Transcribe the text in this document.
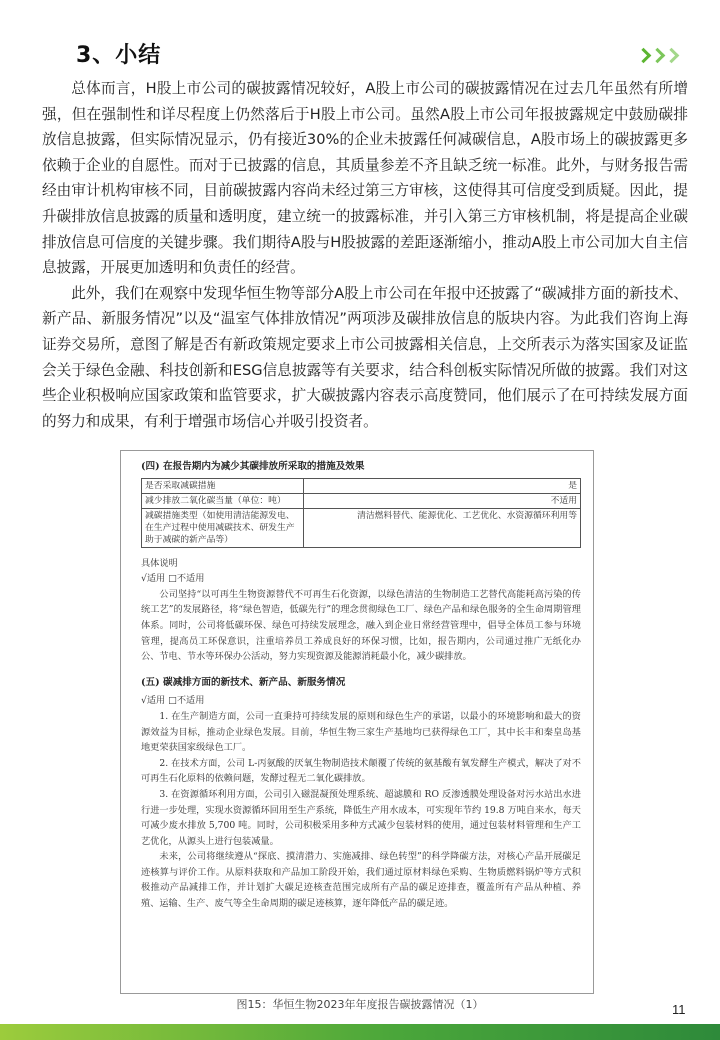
3、小结

总体而言，H股上市公司的碳披露情况较好，A股上市公司的碳披露情况在过去几年虽然有所增强，但在强制性和详尽程度上仍然落后于H股上市公司。虽然A股上市公司年报披露规定中鼓励碳排放信息披露，但实际情况显示，仍有接近30%的企业未披露任何减碳信息，A股市场上的碳披露更多依赖于企业的自愿性。而对于已披露的信息，其质量参差不齐且缺乏统一标准。此外，与财务报告需经由审计机构审核不同，目前碳披露内容尚未经过第三方审核，这使得其可信度受到质疑。因此，提升碳排放信息披露的质量和透明度，建立统一的披露标准，并引入第三方审核机制，将是提高企业碳排放信息可信度的关键步骤。我们期待A股与H股披露的差距逐渐缩小，推动A股上市公司加大自主信息披露，开展更加透明和负责任的经营。

此外，我们在观察中发现华恒生物等部分A股上市公司在年报中还披露了“碳减排方面的新技术、新产品、新服务情况”以及“温室气体排放情况”两项涉及碳排放信息的版块内容。为此我们咨询上海证券交易所，意图了解是否有新政策规定要求上市公司披露相关信息，上交所表示为落实国家及证监会关于绿色金融、科技创新和ESG信息披露等有关要求，结合科创板实际情况所做的披露。我们对这些企业积极响应国家政策和监管要求，扩大碳披露内容表示高度赞同，他们展示了在可持续发展方面的努力和成果，有利于增强市场信心并吸引投资者。

(四) 在报告期内为减少其碳排放所采取的措施及效果
是否采取减碳措施	是
减少排放二氧化碳当量（单位：吨）	不适用
减碳措施类型（如使用清洁能源发电、在生产过程中使用减碳技术、研发生产助于减碳的新产品等）	清洁燃料替代、能源优化、工艺优化、水资源循环利用等

具体说明

√适用 □不适用

公司坚持“以可再生生物资源替代不可再生石化资源，以绿色清洁的生物制造工艺替代高能耗高污染的传统工艺”的发展路径，将“绿色智造，低碳先行”的理念贯彻绿色工厂、绿色产品和绿色服务的全生命周期管理体系。同时，公司将低碳环保、绿色可持续发展理念，融入到企业日常经营管理中，倡导全体员工参与环境管理，提高员工环保意识，注重培养员工养成良好的环保习惯，比如，报告期内，公司通过推广无纸化办公、节电、节水等环保办公活动，努力实现资源及能源消耗最小化，减少碳排放。

(五) 碳减排方面的新技术、新产品、新服务情况

√适用 □不适用

1. 在生产制造方面，公司一直秉持可持续发展的原则和绿色生产的承诺，以最小的环境影响和最大的资源效益为目标，推动企业绿色发展。目前，华恒生物三家生产基地均已获得绿色工厂，其中长丰和秦皇岛基地更荣获国家级绿色工厂。

2. 在技术方面，公司 L-丙氨酸的厌氧生物制造技术颠覆了传统的氨基酸有氧发酵生产模式，解决了对不可再生石化原料的依赖问题，发酵过程无二氧化碳排放。

3. 在资源循环利用方面，公司引入磁混凝预处理系统、超滤膜和 RO 反渗透膜处理设备对污水站出水进行进一步处理，实现水资源循环回用至生产系统，降低生产用水成本，可实现年节约 19.8 万吨自来水，每天可减少废水排放 5,700 吨。同时，公司积极采用多种方式减少包装材料的使用，通过包装材料管理和生产工艺优化，从源头上进行包装减量。

未来，公司将继续遵从“探底、摸清潜力、实施减排、绿色转型”的科学降碳方法，对核心产品开展碳足迹核算与评价工作。从原料获取和产品加工阶段开始，我们通过原材料绿色采购、生物质燃料锅炉等方式积极推动产品减排工作，并计划扩大碳足迹核查范围完成所有产品的碳足迹排查，覆盖所有产品从种植、养殖、运输、生产、废气等全生命周期的碳足迹核算，逐年降低产品的碳足迹。

图15：华恒生物2023年年度报告碳披露情况（1）	11
